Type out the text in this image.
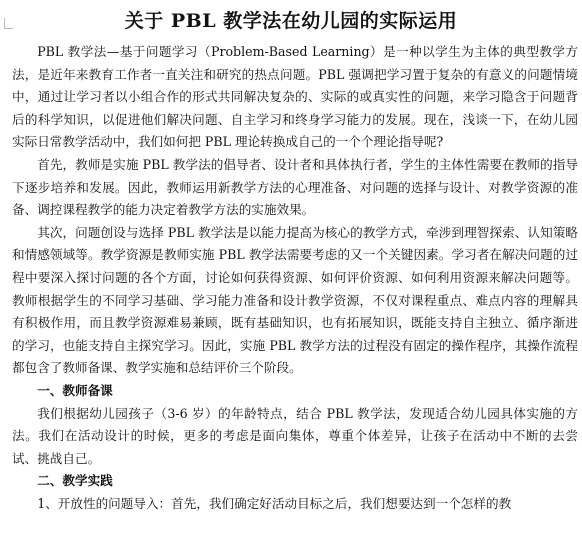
关于 PBL 教学法在幼儿园的实际运用

PBL 教学法—基于问题学习（Problem-Based Learning）是一种以学生为主体的典型教学方法，是近年来教育工作者一直关注和研究的热点问题。PBL 强调把学习置于复杂的有意义的问题情境中，通过让学习者以小组合作的形式共同解决复杂的、实际的或真实性的问题，来学习隐含于问题背后的科学知识，以促进他们解决问题、自主学习和终身学习能力的发展。现在，浅谈一下，在幼儿园实际日常教学活动中，我们如何把 PBL 理论转换成自己的一个个理论指导呢?

首先，教师是实施 PBL 教学法的倡导者、设计者和具体执行者，学生的主体性需要在教师的指导下逐步培养和发展。因此，教师运用新教学方法的心理准备、对问题的选择与设计、对教学资源的准备、调控课程教学的能力决定着教学方法的实施效果。

其次，问题创设与选择 PBL 教学法是以能力提高为核心的教学方式，牵涉到理智探索、认知策略和情感领域等。教学资源是教师实施 PBL 教学法需要考虑的又一个关键因素。学习者在解决问题的过程中要深入探讨问题的各个方面，讨论如何获得资源、如何评价资源、如何利用资源来解决问题等。教师根据学生的不同学习基础、学习能力准备和设计教学资源，不仅对课程重点、难点内容的理解具有积极作用，而且教学资源难易兼顾，既有基础知识，也有拓展知识，既能支持自主独立、循序渐进的学习，也能支持自主探究学习。因此，实施 PBL 教学方法的过程没有固定的操作程序，其操作流程都包含了教师备课、教学实施和总结评价三个阶段。

一、教师备课

我们根据幼儿园孩子（3-6 岁）的年龄特点，结合 PBL 教学法，发现适合幼儿园具体实施的方法。我们在活动设计的时候，更多的考虑是面向集体，尊重个体差异，让孩子在活动中不断的去尝试、挑战自己。

二、教学实践

1、开放性的问题导入：首先，我们确定好活动目标之后，我们想要达到一个怎样的教
